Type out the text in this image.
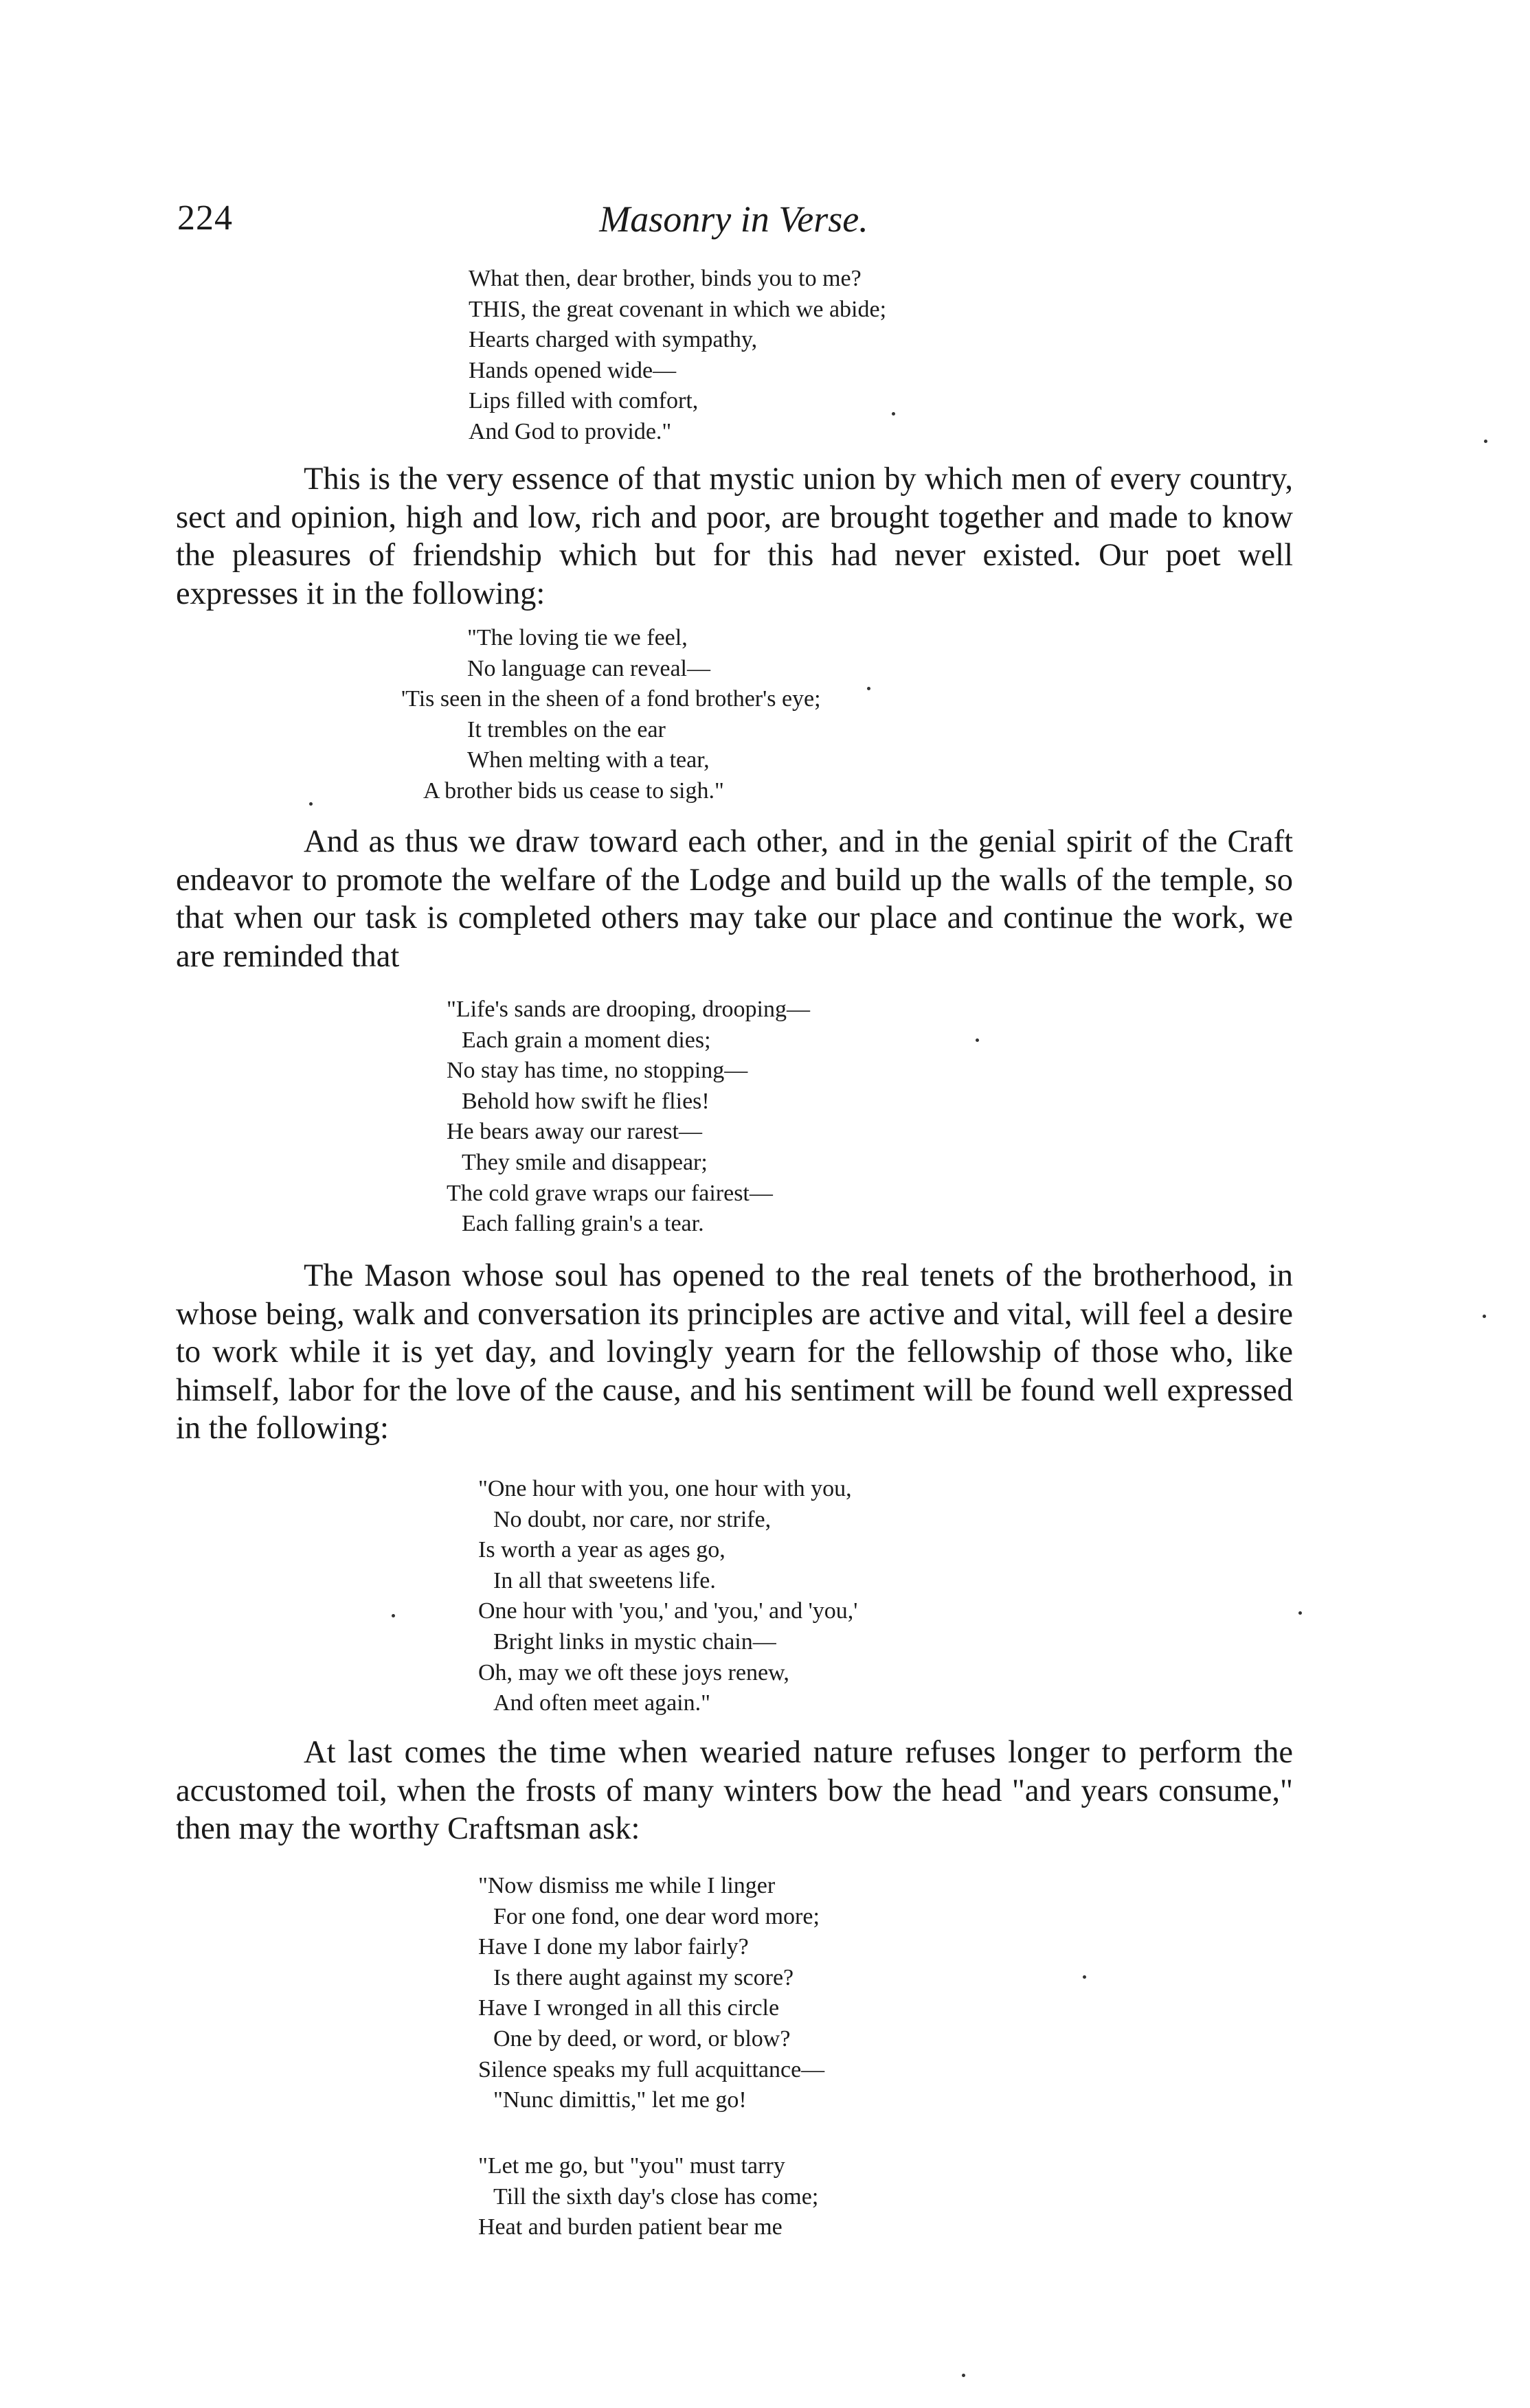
224	Masonry in Verse.
What then, dear brother, binds you to me?
THIS, the great covenant in which we abide;
Hearts charged with sympathy,
Hands opened wide—
Lips filled with comfort,
And God to provide."

This is the very essence of that mystic union by which men of every country, sect and opinion, high and low, rich and poor, are brought together and made to know the pleasures of friendship which but for this had never existed. Our poet well expresses it in the following:

"The loving tie we feel,
No language can reveal—
'Tis seen in the sheen of a fond brother's eye;
It trembles on the ear
When melting with a tear,
A brother bids us cease to sigh."

And as thus we draw toward each other, and in the genial spirit of the Craft endeavor to promote the welfare of the Lodge and build up the walls of the temple, so that when our task is completed others may take our place and continue the work, we are reminded that

"Life's sands are drooping, drooping—
Each grain a moment dies;
No stay has time, no stopping—
Behold how swift he flies!
He bears away our rarest—
They smile and disappear;
The cold grave wraps our fairest—
Each falling grain's a tear.

The Mason whose soul has opened to the real tenets of the brotherhood, in whose being, walk and conversation its principles are active and vital, will feel a desire to work while it is yet day, and lovingly yearn for the fellowship of those who, like himself, labor for the love of the cause, and his sentiment will be found well expressed in the following:

"One hour with you, one hour with you,
No doubt, nor care, nor strife,
Is worth a year as ages go,
In all that sweetens life.
One hour with 'you,' and 'you,' and 'you,'
Bright links in mystic chain—
Oh, may we oft these joys renew,
And often meet again."

At last comes the time when wearied nature refuses longer to perform the accustomed toil, when the frosts of many winters bow the head "and years consume," then may the worthy Craftsman ask:

"Now dismiss me while I linger
For one fond, one dear word more;
Have I done my labor fairly?
Is there aught against my score?
Have I wronged in all this circle
One by deed, or word, or blow?
Silence speaks my full acquittance—
"Nunc dimittis," let me go!
"Let me go, but "you" must tarry
Till the sixth day's close has come;
Heat and burden patient bear me
